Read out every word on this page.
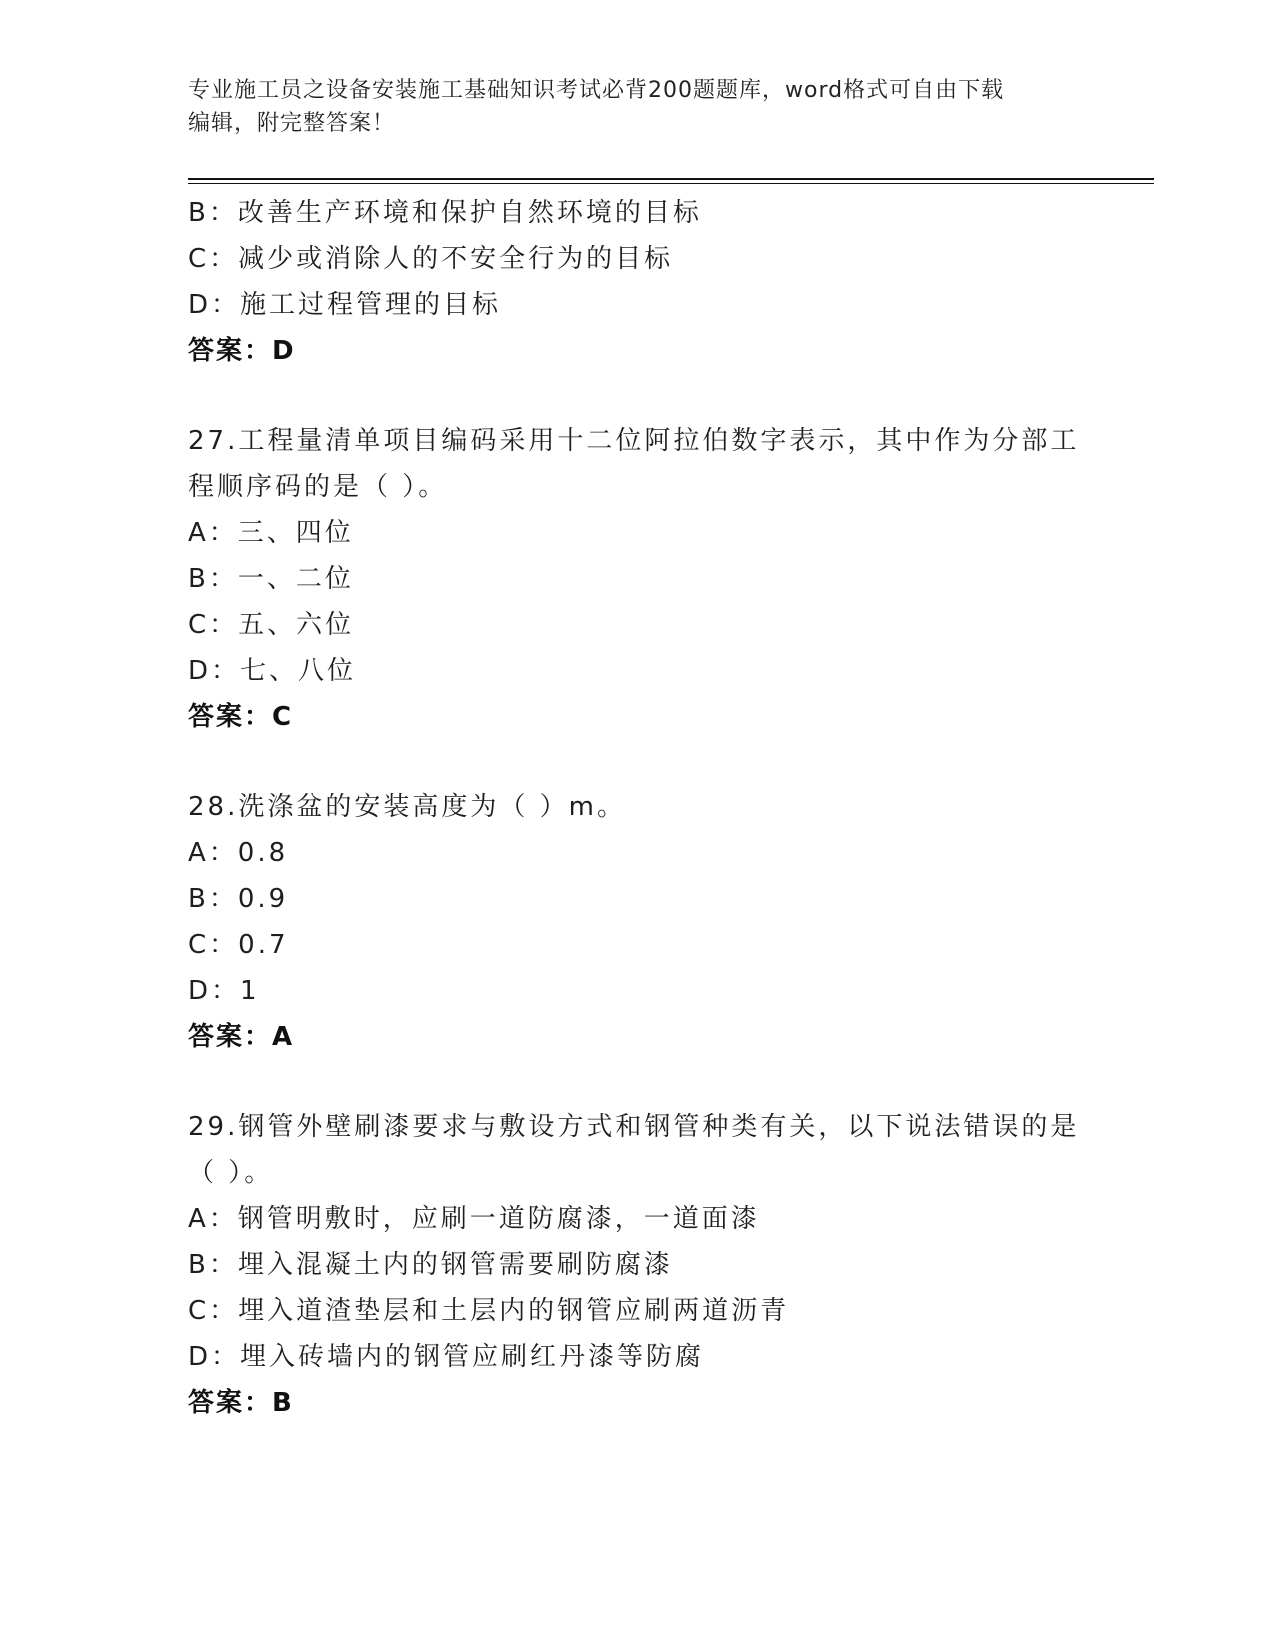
专业施工员之设备安装施工基础知识考试必背200题题库，word格式可自由下载
编辑，附完整答案！
B：改善生产环境和保护自然环境的目标
C：减少或消除人的不安全行为的目标
D：施工过程管理的目标
答案：D
27.工程量清单项目编码采用十二位阿拉伯数字表示，其中作为分部工
程顺序码的是（ ）。
A：三、四位
B：一、二位
C：五、六位
D：七、八位
答案：C
28.洗涤盆的安装高度为（ ）m。
A：0.8
B：0.9
C：0.7
D：1
答案：A
29.钢管外壁刷漆要求与敷设方式和钢管种类有关，以下说法错误的是
（ ）。
A：钢管明敷时，应刷一道防腐漆，一道面漆
B：埋入混凝土内的钢管需要刷防腐漆
C：埋入道渣垫层和土层内的钢管应刷两道沥青
D：埋入砖墙内的钢管应刷红丹漆等防腐
答案：B
